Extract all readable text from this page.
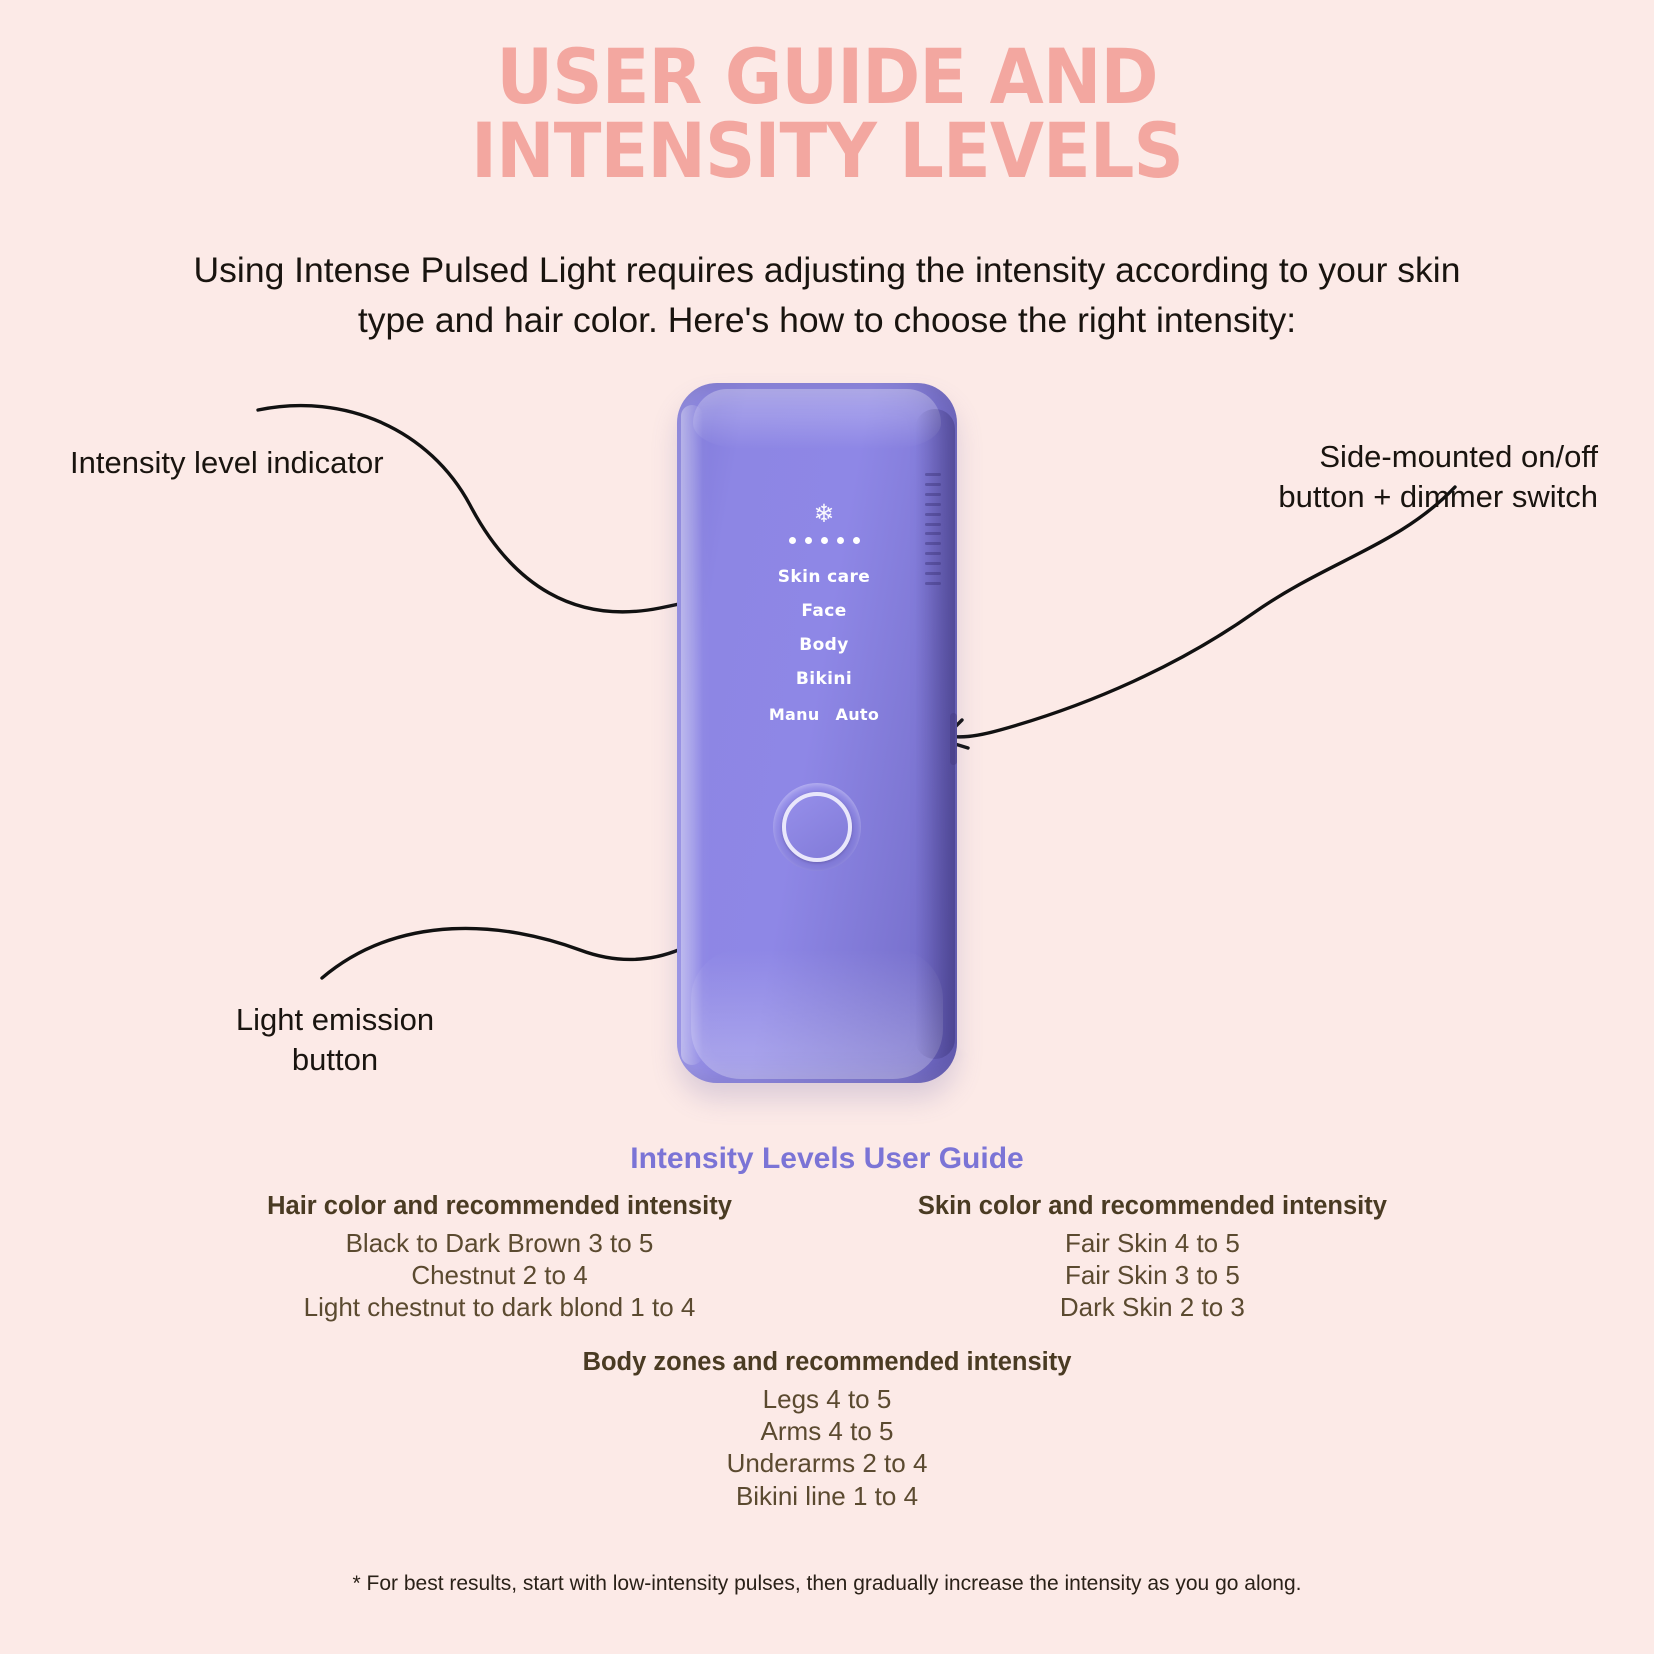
USER GUIDE AND
INTENSITY LEVELS
Using Intense Pulsed Light requires adjusting the intensity according to your skin type and hair color. Here's how to choose the right intensity:
Intensity level indicator	Side-mounted on/off
button + dimmer switch
Light emission
button
❄
Skin care
Face
Body
Bikini
Manu Auto
Intensity Levels User Guide
Hair color and recommended intensity
Black to Dark Brown 3 to 5
Chestnut 2 to 4
Light chestnut to dark blond 1 to 4
Skin color and recommended intensity
Fair Skin 4 to 5
Fair Skin 3 to 5
Dark Skin 2 to 3
Body zones and recommended intensity
Legs 4 to 5
Arms 4 to 5
Underarms 2 to 4
Bikini line 1 to 4
* For best results, start with low-intensity pulses, then gradually increase the intensity as you go along.
